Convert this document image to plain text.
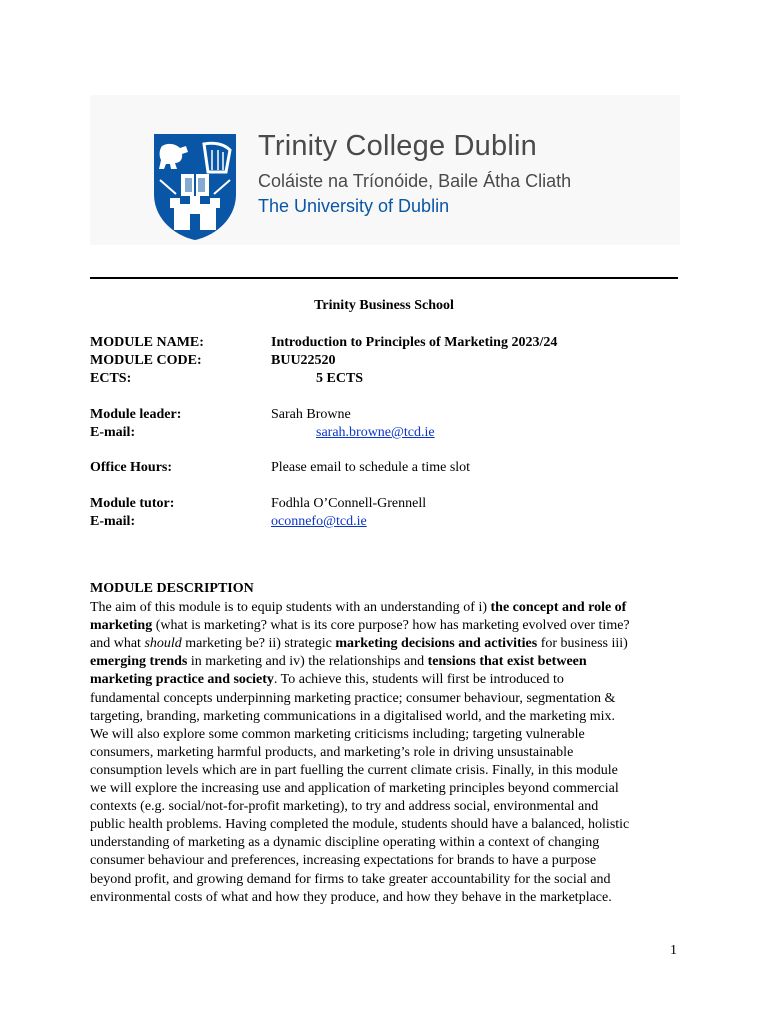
Trinity College Dublin
Coláiste na Tríonóide, Baile Átha Cliath
The University of Dublin
Trinity Business School
MODULE NAME:	Introduction to Principles of Marketing 2023/24
MODULE CODE:	BUU22520
ECTS:	5 ECTS
Module leader:	Sarah Browne
E-mail:	sarah.browne@tcd.ie
Office Hours:	Please email to schedule a time slot
Module tutor:	Fodhla O’Connell-Grennell
E-mail:	oconnefo@tcd.ie
MODULE DESCRIPTION
The aim of this module is to equip students with an understanding of i) the concept and role of
marketing (what is marketing? what is its core purpose? how has marketing evolved over time?
and what should marketing be? ii) strategic marketing decisions and activities for business iii)
emerging trends in marketing and iv) the relationships and tensions that exist between
marketing practice and society. To achieve this, students will first be introduced to
fundamental concepts underpinning marketing practice; consumer behaviour, segmentation &
targeting, branding, marketing communications in a digitalised world, and the marketing mix.
We will also explore some common marketing criticisms including; targeting vulnerable
consumers, marketing harmful products, and marketing’s role in driving unsustainable
consumption levels which are in part fuelling the current climate crisis. Finally, in this module
we will explore the increasing use and application of marketing principles beyond commercial
contexts (e.g. social/not-for-profit marketing), to try and address social, environmental and
public health problems. Having completed the module, students should have a balanced, holistic
understanding of marketing as a dynamic discipline operating within a context of changing
consumer behaviour and preferences, increasing expectations for brands to have a purpose
beyond profit, and growing demand for firms to take greater accountability for the social and
environmental costs of what and how they produce, and how they behave in the marketplace.
1
